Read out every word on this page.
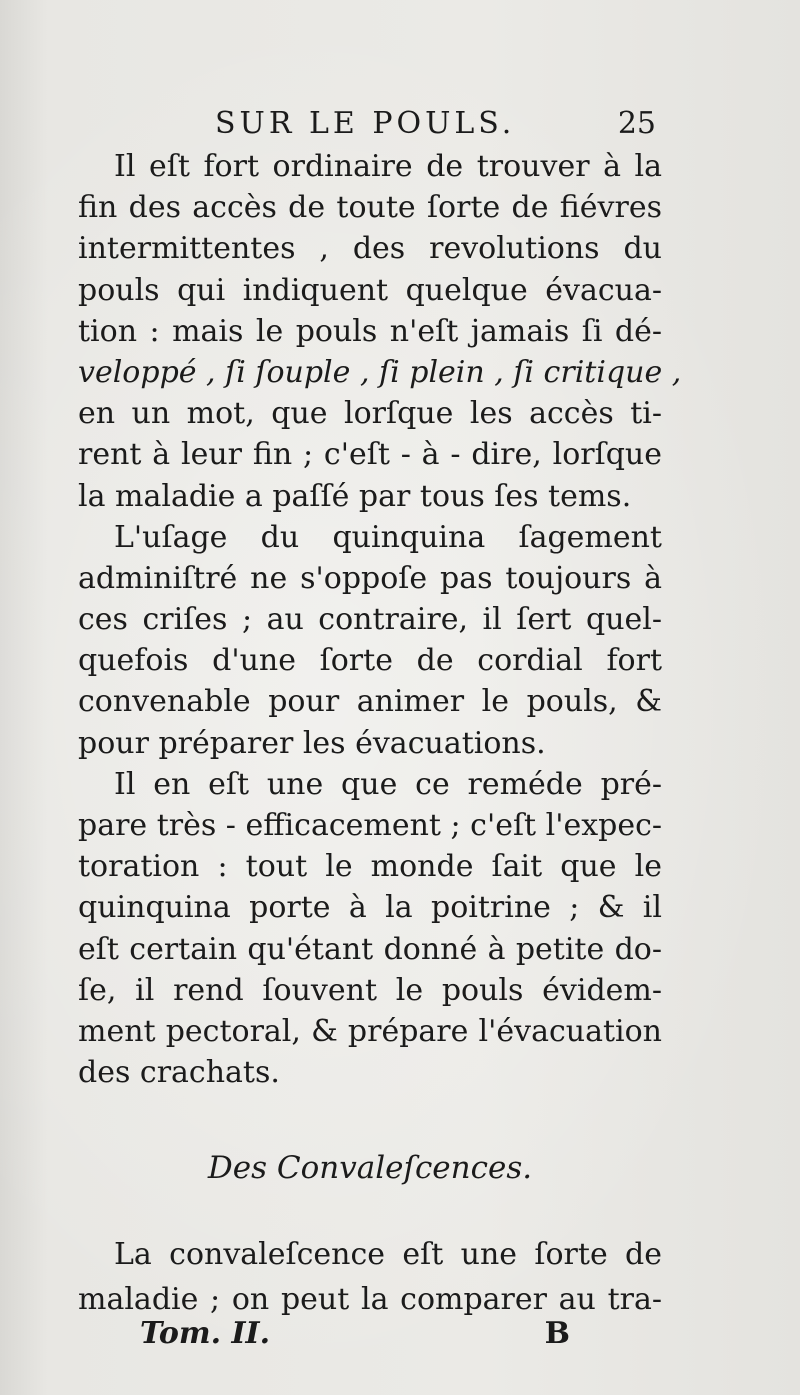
SUR LE POULS.	25

Il eſt fort ordinaire de trouver à la
fin des accès de toute ſorte de fiévres
intermittentes , des revolutions du
pouls qui indiquent quelque évacua-
tion : mais le pouls n'eſt jamais ſi dé-
veloppé , ſi ſouple , ſi plein , ſi critique ,
en un mot, que lorſque les accès ti-
rent à leur fin ; c'eſt - à - dire, lorſque
la maladie a paſſé par tous ſes tems.

L'uſage du quinquina ſagement
adminiſtré ne s'oppoſe pas toujours à
ces criſes ; au contraire, il ſert quel-
quefois d'une ſorte de cordial fort
convenable pour animer le pouls, &
pour préparer les évacuations.

Il en eſt une que ce reméde pré-
pare très - efficacement ; c'eſt l'expec-
toration : tout le monde ſait que le
quinquina porte à la poitrine ; & il
eſt certain qu'étant donné à petite do-
ſe, il rend ſouvent le pouls évidem-
ment pectoral, & prépare l'évacuation
des crachats.

Des Convaleſcences.
La convaleſcence eſt une ſorte de
maladie ; on peut la comparer au tra-
Tom. II.	B
